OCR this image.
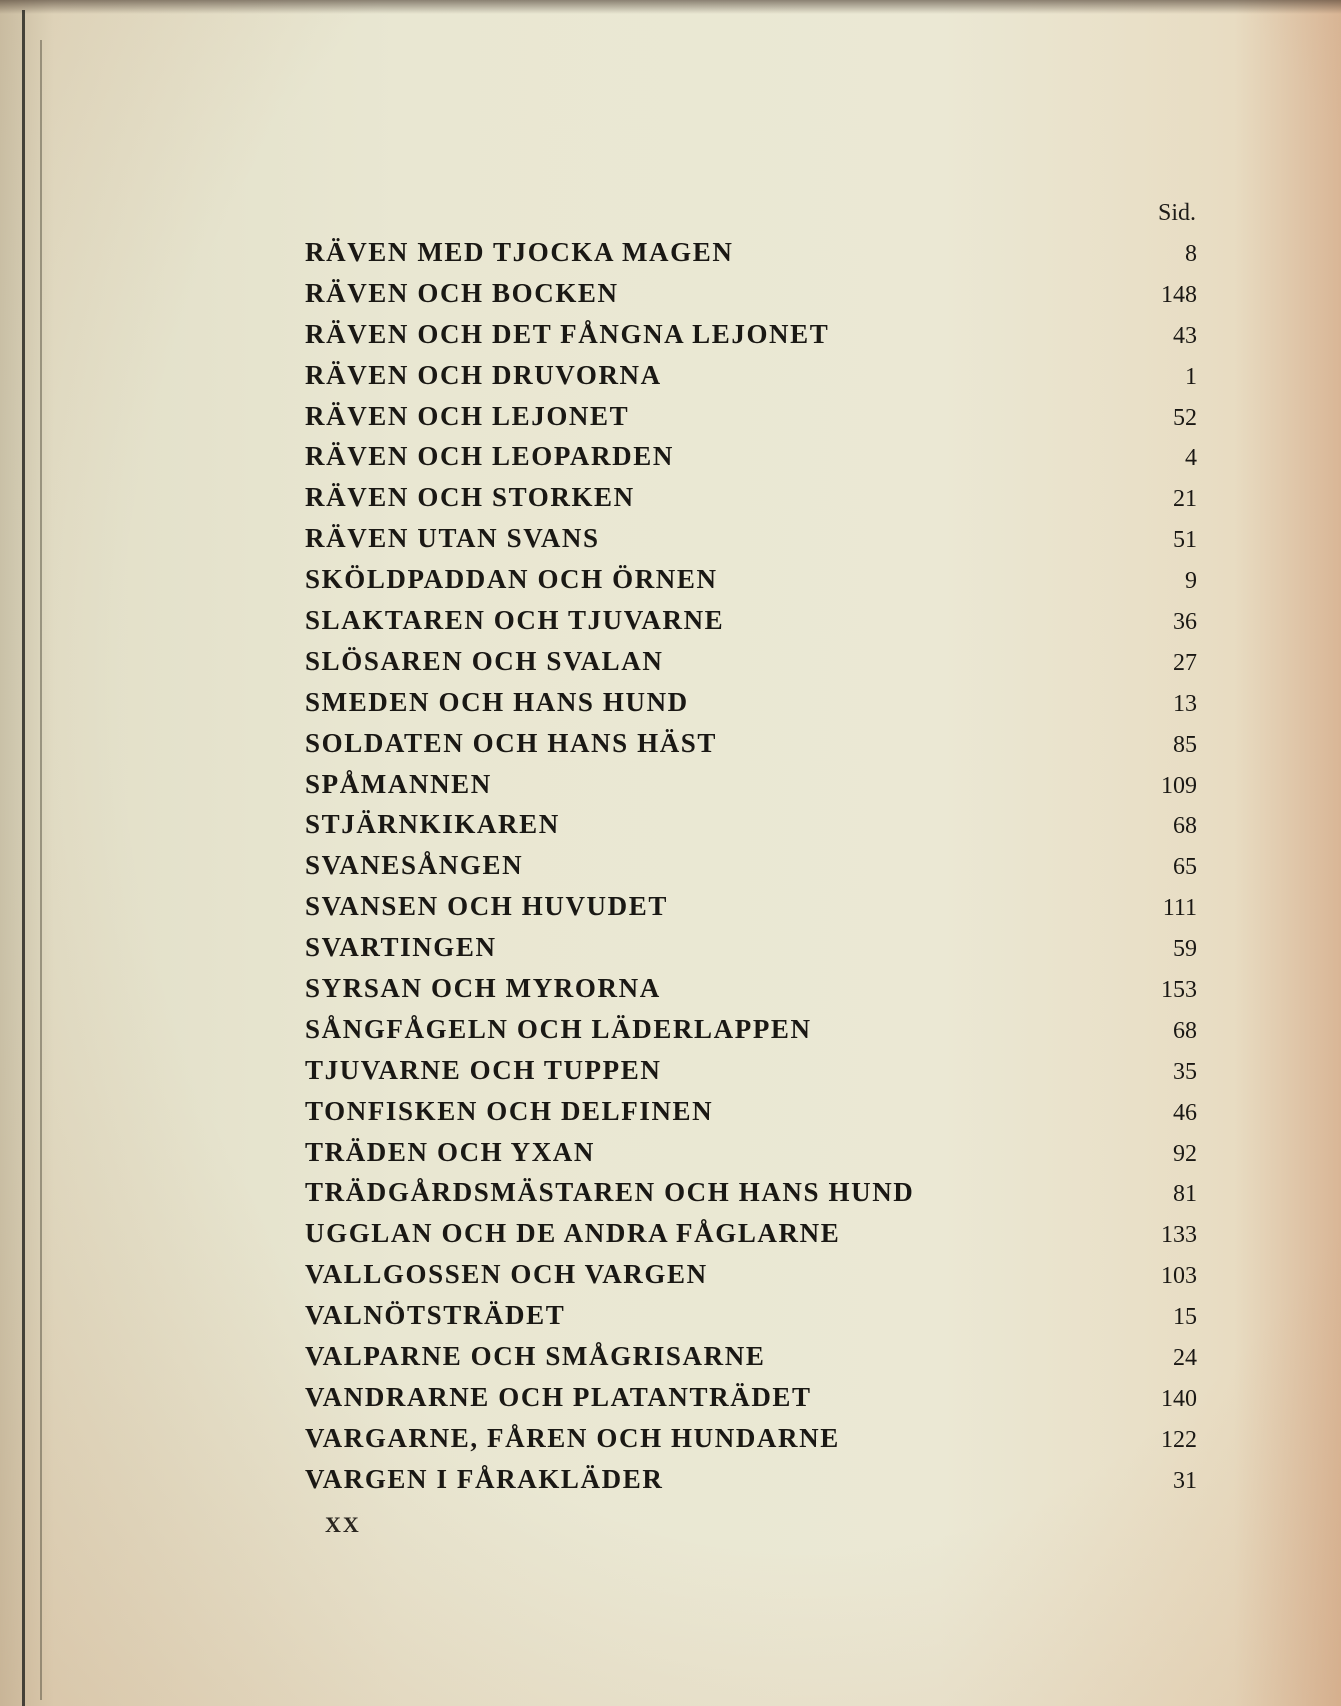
Sid.
RÄVEN MED TJOCKA MAGEN	8
RÄVEN OCH BOCKEN	148
RÄVEN OCH DET FÅNGNA LEJONET	43
RÄVEN OCH DRUVORNA	1
RÄVEN OCH LEJONET	52
RÄVEN OCH LEOPARDEN	4
RÄVEN OCH STORKEN	21
RÄVEN UTAN SVANS	51
SKÖLDPADDAN OCH ÖRNEN	9
SLAKTAREN OCH TJUVARNE	36
SLÖSAREN OCH SVALAN	27
SMEDEN OCH HANS HUND	13
SOLDATEN OCH HANS HÄST	85
SPÅMANNEN	109
STJÄRNKIKAREN	68
SVANESÅNGEN	65
SVANSEN OCH HUVUDET	111
SVARTINGEN	59
SYRSAN OCH MYRORNA	153
SÅNGFÅGELN OCH LÄDERLAPPEN	68
TJUVARNE OCH TUPPEN	35
TONFISKEN OCH DELFINEN	46
TRÄDEN OCH YXAN	92
TRÄDGÅRDSMÄSTAREN OCH HANS HUND	81
UGGLAN OCH DE ANDRA FÅGLARNE	133
VALLGOSSEN OCH VARGEN	103
VALNÖTSTRÄDET	15
VALPARNE OCH SMÅGRISARNE	24
VANDRARNE OCH PLATANTRÄDET	140
VARGARNE, FÅREN OCH HUNDARNE	122
VARGEN I FÅRAKLÄDER	31
XX
